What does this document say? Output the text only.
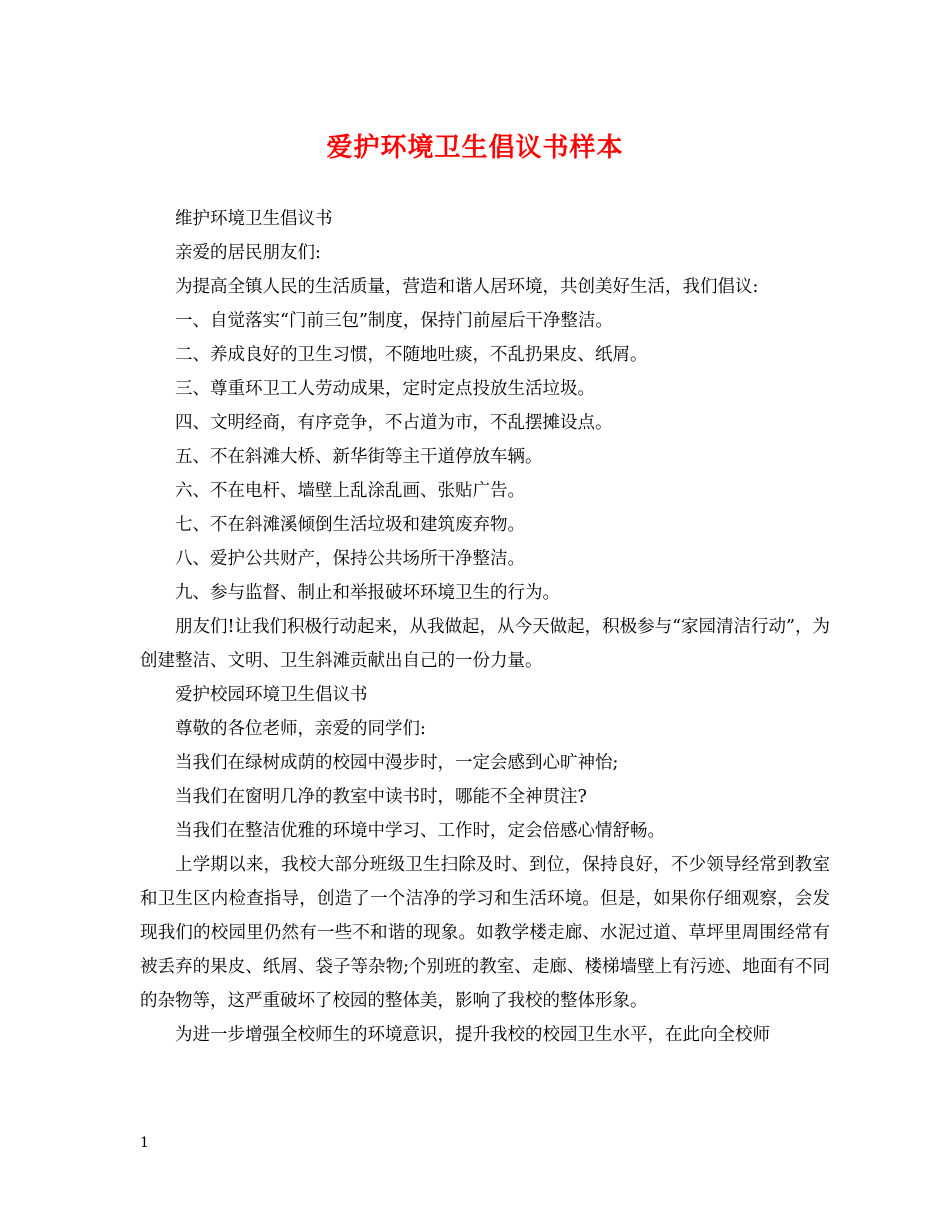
爱护环境卫生倡议书样本

维护环境卫生倡议书

亲爱的居民朋友们:

为提高全镇人民的生活质量，营造和谐人居环境，共创美好生活，我们倡议:

一、自觉落实“门前三包”制度，保持门前屋后干净整洁。

二、养成良好的卫生习惯，不随地吐痰，不乱扔果皮、纸屑。

三、尊重环卫工人劳动成果，定时定点投放生活垃圾。

四、文明经商，有序竞争，不占道为市，不乱摆摊设点。

五、不在斜滩大桥、新华街等主干道停放车辆。

六、不在电杆、墙壁上乱涂乱画、张贴广告。

七、不在斜滩溪倾倒生活垃圾和建筑废弃物。

八、爱护公共财产，保持公共场所干净整洁。

九、参与监督、制止和举报破坏环境卫生的行为。

朋友们!让我们积极行动起来，从我做起，从今天做起，积极参与“家园清洁行动”，为创建整洁、文明、卫生斜滩贡献出自己的一份力量。

爱护校园环境卫生倡议书

尊敬的各位老师，亲爱的同学们:

当我们在绿树成荫的校园中漫步时，一定会感到心旷神怡;

当我们在窗明几净的教室中读书时，哪能不全神贯注?

当我们在整洁优雅的环境中学习、工作时，定会倍感心情舒畅。

上学期以来，我校大部分班级卫生扫除及时、到位，保持良好，不少领导经常到教室和卫生区内检查指导，创造了一个洁净的学习和生活环境。但是，如果你仔细观察，会发现我们的校园里仍然有一些不和谐的现象。如教学楼走廊、水泥过道、草坪里周围经常有被丢弃的果皮、纸屑、袋子等杂物;个别班的教室、走廊、楼梯墙壁上有污迹、地面有不同的杂物等，这严重破坏了校园的整体美，影响了我校的整体形象。

为进一步增强全校师生的环境意识，提升我校的校园卫生水平，在此向全校师

1
